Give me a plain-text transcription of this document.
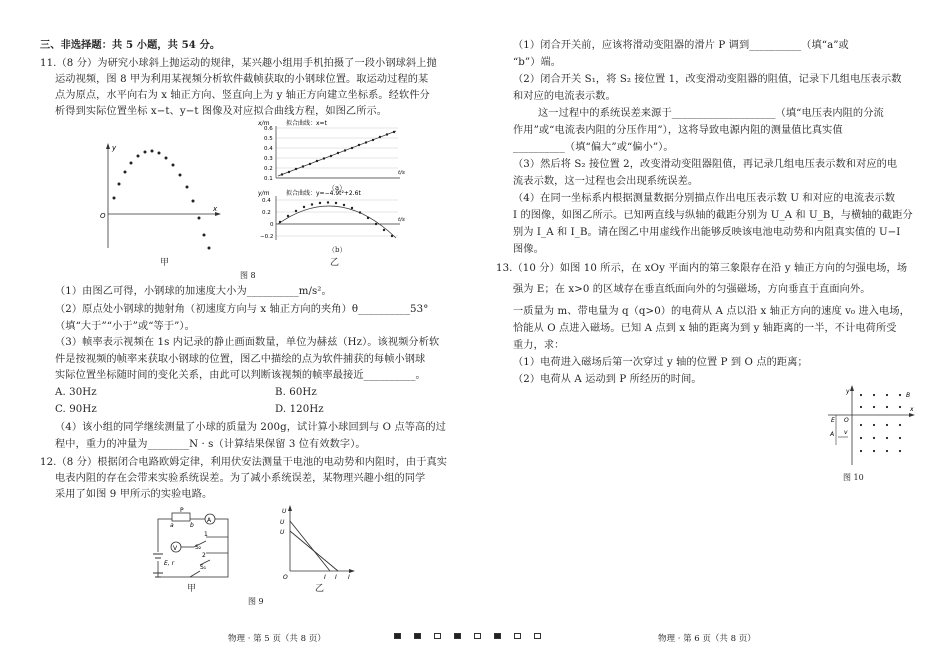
三、非选择题：共 5 小题，共 54 分。
11.（8 分）为研究小球斜上抛运动的规律，某兴趣小组用手机拍摄了一段小钢球斜上抛
运动视频，图 8 甲为利用某视频分析软件截帧获取的小钢球位置。取运动过程的某
点为原点，水平向右为 x 轴正方向、竖直向上为 y 轴正方向建立坐标系。经软件分
析得到实际位置坐标 x−t、y−t 图像及对应拟合曲线方程，如图乙所示。
y
x
O
甲
x/m	拟合曲线：x=t
0.6
0.5
0.4
0.3
0.2
0.1
t/s
（a）
y/m	拟合曲线：y=−4.9t²+2.6t
0.4
0.2
0
−0.2
t/s
（b）
乙
图 8
（1）由图乙可得，小钢球的加速度大小为__________m/s²。
（2）原点处小钢球的抛射角（初速度方向与 x 轴正方向的夹角）θ__________53°
（填“大于”“小于”或“等于”）。
（3）帧率表示视频在 1s 内记录的静止画面数量，单位为赫兹（Hz）。该视频分析软
件是按视频的帧率来获取小钢球的位置，图乙中描绘的点为软件捕获的每帧小钢球
实际位置坐标随时间的变化关系，由此可以判断该视频的帧率最接近__________。
A. 30Hz	B. 60Hz
C. 90Hz	D. 120Hz
（4）该小组的同学继续测量了小球的质量为 200g，试计算小球回到与 O 点等高的过
程中，重力的冲量为________N · s（计算结果保留 3 位有效数字）。
12.（8 分）根据闭合电路欧姆定律，利用伏安法测量干电池的电动势和内阻时，由于真实
电表内阻的存在会带来实验系统误差。为了减小系统误差，某物理兴趣小组的同学
采用了如图 9 甲所示的实验电路。
P
A
V
a	b
1
2
S₂
E, r
S₁
甲
U
U
U
O	I I I
乙
图 9
物理 · 第 5 页（共 8 页）
（1）闭合开关前，应该将滑动变阻器的滑片 P 调到__________（填“a”或
“b”）端。
（2）闭合开关 S₁，将 S₂ 接位置 1，改变滑动变阻器的阻值，记录下几组电压表示数
和对应的电流表示数。
这一过程中的系统误差来源于____________________（填“电压表内阻的分流
作用”或“电流表内阻的分压作用”），这将导致电源内阻的测量值比真实值
__________（填“偏大”或“偏小”）。
（3）然后将 S₂ 接位置 2，改变滑动变阻器阻值，再记录几组电压表示数和对应的电
流表示数，这一过程也会出现系统误差。
（4）在同一坐标系内根据测量数据分别描点作出电压表示数 U 和对应的电流表示数
I 的图像，如图乙所示。已知两直线与纵轴的截距分别为 U_A 和 U_B，与横轴的截距分
别为 I_A 和 I_B。请在图乙中用虚线作出能够反映该电池电动势和内阻真实值的 U−I
图像。
13.（10 分）如图 10 所示，在 xOy 平面内的第三象限存在沿 y 轴正方向的匀强电场，场
强为 E；在 x>0 的区域存在垂直纸面向外的匀强磁场，方向垂直于直面向外。
一质量为 m、带电量为 q（q>0）的电荷从 A 点以沿 x 轴正方向的速度 v₀ 进入电场，
恰能从 O 点进入磁场。已知 A 点到 x 轴的距离为到 y 轴距离的一半，不计电荷所受
重力，求：
（1）电荷进入磁场后第一次穿过 y 轴的位置 P 到 O 点的距离；
（2）电荷从 A 运动到 P 所经历的时间。
y
x
O
E
A v
B
图 10
物理 · 第 6 页（共 8 页）
